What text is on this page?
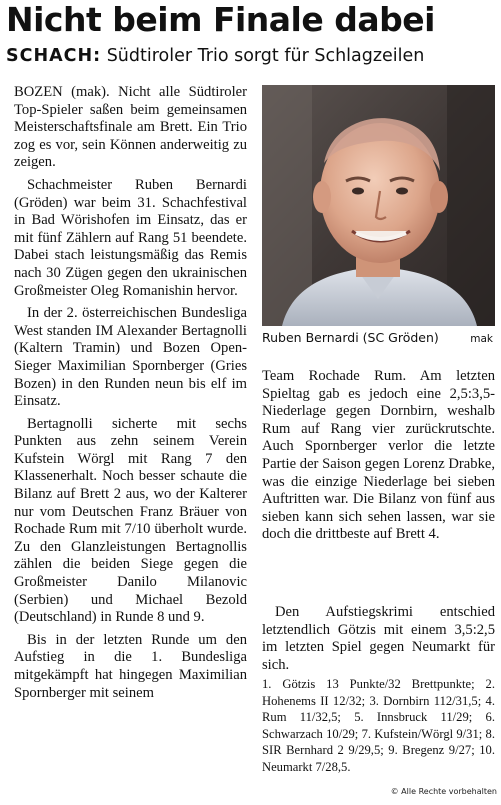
Nicht beim Finale dabei
SCHACH: Südtiroler Trio sorgt für Schlagzeilen

BOZEN (mak). Nicht alle Südtiroler Top-Spieler saßen beim gemeinsamen Meisterschaftsfinale am Brett. Ein Trio zog es vor, sein Können anderweitig zu zeigen.

Schachmeister Ruben Bernardi (Gröden) war beim 31. Schachfestival in Bad Wörishofen im Einsatz, das er mit fünf Zählern auf Rang 51 beendete. Dabei stach leistungsmäßig das Remis nach 30 Zügen gegen den ukrainischen Großmeister Oleg Romanishin hervor.

In der 2. österreichischen Bundesliga West standen IM Alexander Bertagnolli (Kaltern Tramin) und Bozen Open-Sieger Maximilian Spornberger (Gries Bozen) in den Runden neun bis elf im Einsatz.

Bertagnolli sicherte mit sechs Punkten aus zehn seinem Verein Kufstein Wörgl mit Rang 7 den Klassenerhalt. Noch besser schaute die Bilanz auf Brett 2 aus, wo der Kalterer nur vom Deutschen Franz Bräuer von Rochade Rum mit 7/10 überholt wurde. Zu den Glanzleistungen Bertagnollis zählen die beiden Siege gegen die Großmeister Danilo Milanovic (Serbien) und Michael Bezold (Deutschland) in Runde 8 und 9.

Bis in der letzten Runde um den Aufstieg in die 1. Bundesliga mitgekämpft hat hingegen Maximilian Spornberger mit seinem

Ruben Bernardi (SC Gröden)	mak

Team Rochade Rum. Am letzten Spieltag gab es jedoch eine 2,5:3,5-Niederlage gegen Dornbirn, weshalb Rum auf Rang vier zurückrutschte. Auch Spornberger verlor die letzte Partie der Saison gegen Lorenz Drabke, was die einzige Niederlage bei sieben Auftritten war. Die Bilanz von fünf aus sieben kann sich sehen lassen, war sie doch die drittbeste auf Brett 4.

Den Aufstiegskrimi entschied letztendlich Götzis mit einem 3,5:2,5 im letzten Spiel gegen Neumarkt für sich.

1. Götzis 13 Punkte/32 Brettpunkte; 2. Hohenems II 12/32; 3. Dornbirn 112/31,5; 4. Rum 11/32,5; 5. Innsbruck 11/29; 6. Schwarzach 10/29; 7. Kufstein/Wörgl 9/31; 8. SIR Bernhard 2 9/29,5; 9. Bregenz 9/27; 10. Neumarkt 7/28,5.
© Alle Rechte vorbehalten
